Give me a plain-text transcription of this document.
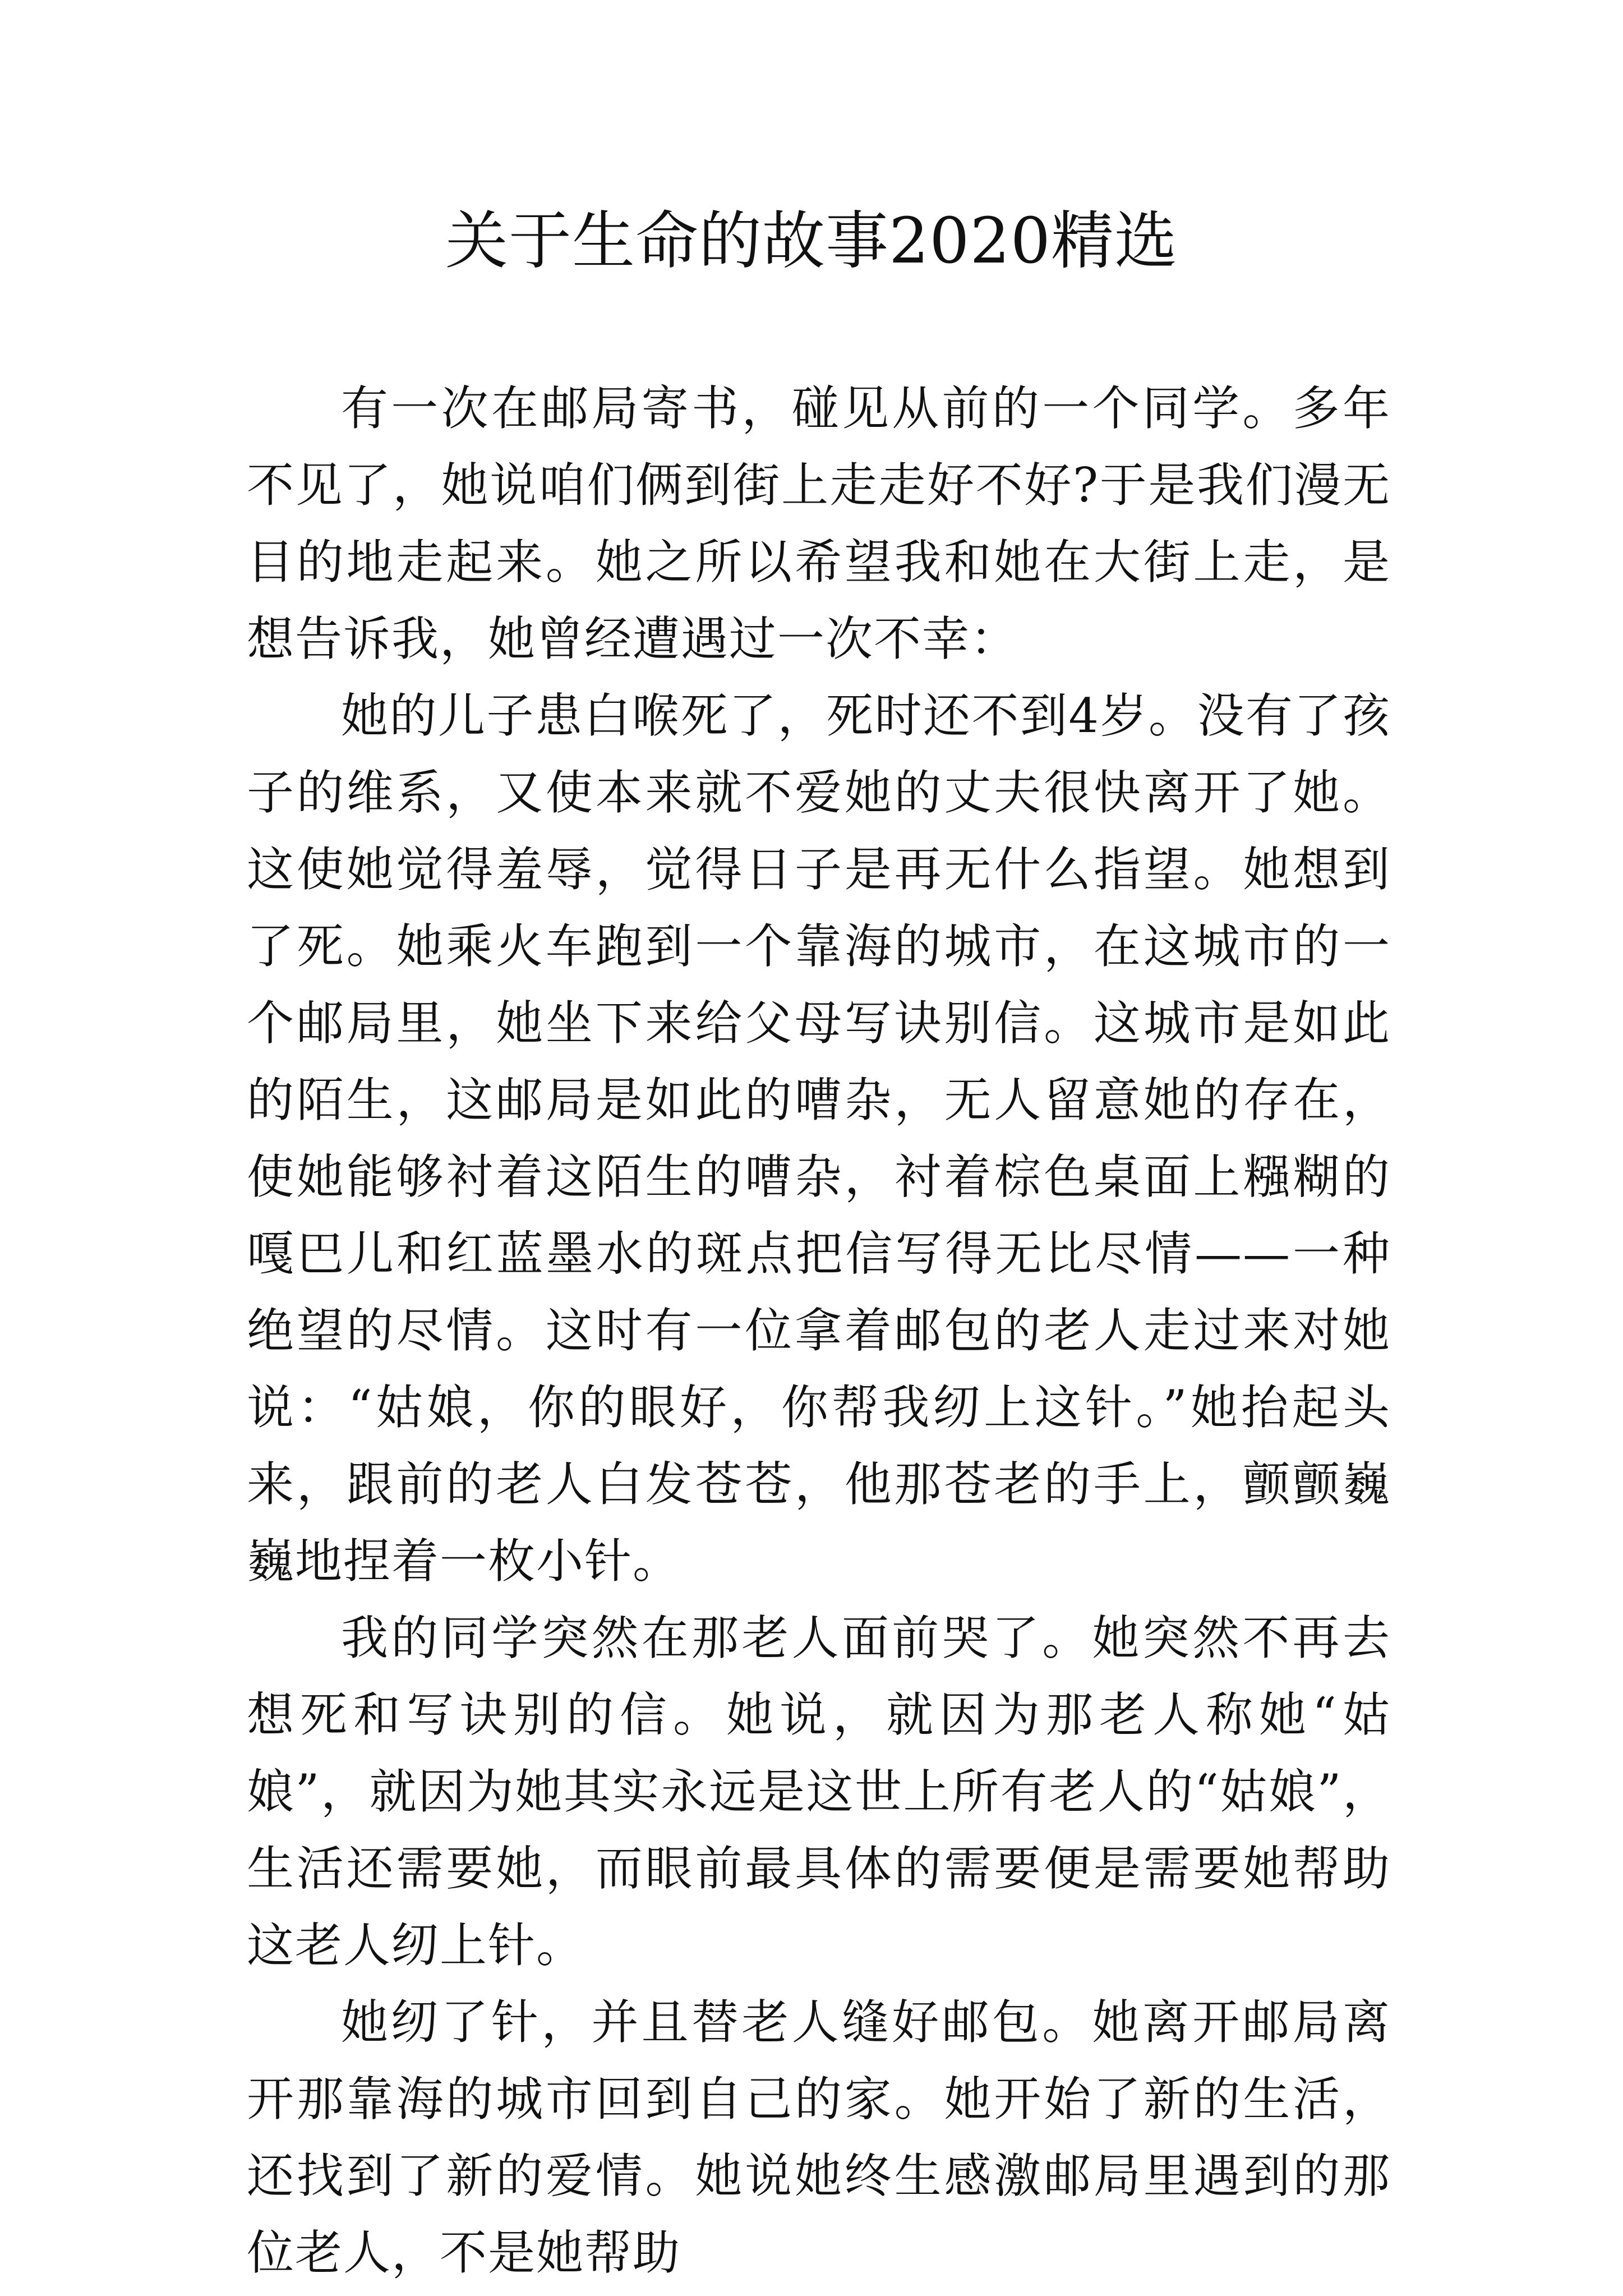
关于生命的故事2020精选

有一次在邮局寄书，碰见从前的一个同学。多年不见了，她说咱们俩到街上走走好不好?于是我们漫无目的地走起来。她之所以希望我和她在大街上走，是想告诉我，她曾经遭遇过一次不幸：

她的儿子患白喉死了，死时还不到4岁。没有了孩子的维系，又使本来就不爱她的丈夫很快离开了她。这使她觉得羞辱，觉得日子是再无什么指望。她想到了死。她乘火车跑到一个靠海的城市，在这城市的一个邮局里，她坐下来给父母写诀别信。这城市是如此的陌生，这邮局是如此的嘈杂，无人留意她的存在，使她能够衬着这陌生的嘈杂，衬着棕色桌面上糨糊的嘎巴儿和红蓝墨水的斑点把信写得无比尽情——一种绝望的尽情。这时有一位拿着邮包的老人走过来对她说：“姑娘，你的眼好，你帮我纫上这针。”她抬起头来，跟前的老人白发苍苍，他那苍老的手上，颤颤巍巍地捏着一枚小针。

我的同学突然在那老人面前哭了。她突然不再去想死和写诀别的信。她说，就因为那老人称她“姑娘”，就因为她其实永远是这世上所有老人的“姑娘”，生活还需要她，而眼前最具体的需要便是需要她帮助这老人纫上针。

她纫了针，并且替老人缝好邮包。她离开邮局离开那靠海的城市回到自己的家。她开始了新的生活，还找到了新的爱情。她说她终生感激邮局里遇到的那位老人，不是她帮助
